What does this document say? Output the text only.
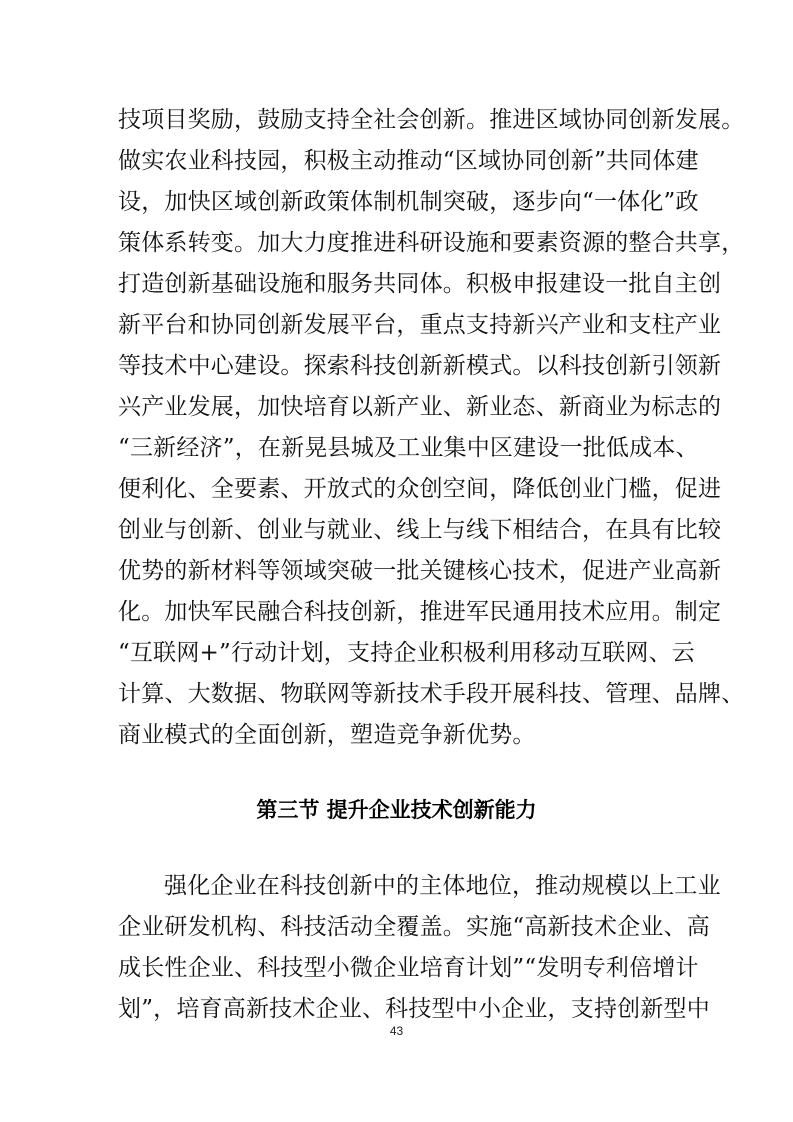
技项目奖励，鼓励支持全社会创新。推进区域协同创新发展。
做实农业科技园，积极主动推动“区域协同创新”共同体建
设，加快区域创新政策体制机制突破，逐步向“一体化”政
策体系转变。加大力度推进科研设施和要素资源的整合共享，
打造创新基础设施和服务共同体。积极申报建设一批自主创
新平台和协同创新发展平台，重点支持新兴产业和支柱产业
等技术中心建设。探索科技创新新模式。以科技创新引领新
兴产业发展，加快培育以新产业、新业态、新商业为标志的
“三新经济”，在新晃县城及工业集中区建设一批低成本、
便利化、全要素、开放式的众创空间，降低创业门槛，促进
创业与创新、创业与就业、线上与线下相结合，在具有比较
优势的新材料等领域突破一批关键核心技术，促进产业高新
化。加快军民融合科技创新，推进军民通用技术应用。制定
“互联网+”行动计划，支持企业积极利用移动互联网、云
计算、大数据、物联网等新技术手段开展科技、管理、品牌、
商业模式的全面创新，塑造竞争新优势。
第三节 提升企业技术创新能力
强化企业在科技创新中的主体地位，推动规模以上工业
企业研发机构、科技活动全覆盖。实施“高新技术企业、高
成长性企业、科技型小微企业培育计划”“发明专利倍增计
划”，培育高新技术企业、科技型中小企业，支持创新型中
43
